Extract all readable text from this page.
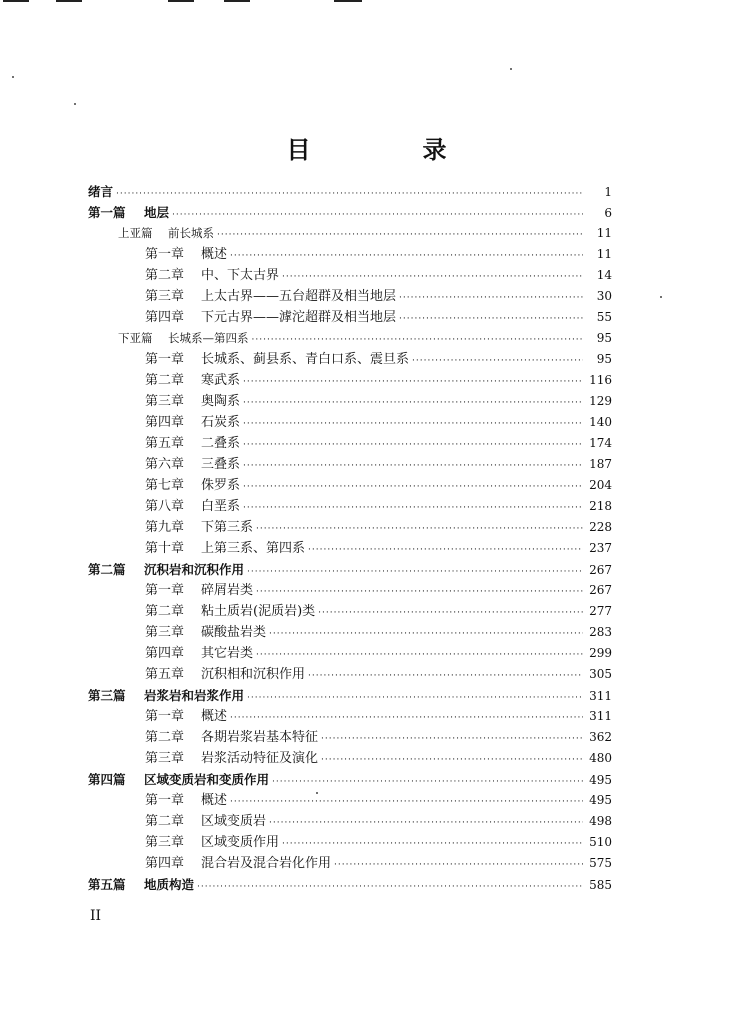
目　录
绪言 ·····	1
第一篇	地层 ·····	6
上亚篇	前长城系 ·····	11
第一章	概述 ·····	11
第二章	中、下太古界 ·····	14
第三章	上太古界——五台超群及相当地层 ·····	30
第四章	下元古界——滹沱超群及相当地层 ·····	55
下亚篇	长城系—第四系 ·····	95
第一章	长城系、蓟县系、青白口系、震旦系 ·····	95
第二章	寒武系 ·····	116
第三章	奥陶系 ·····	129
第四章	石炭系 ·····	140
第五章	二叠系 ·····	174
第六章	三叠系 ·····	187
第七章	侏罗系 ·····	204
第八章	白垩系 ·····	218
第九章	下第三系 ·····	228
第十章	上第三系、第四系 ·····	237
第二篇	沉积岩和沉积作用 ·····	267
第一章	碎屑岩类 ·····	267
第二章	粘土质岩(泥质岩)类 ·····	277
第三章	碳酸盐岩类 ·····	283
第四章	其它岩类 ·····	299
第五章	沉积相和沉积作用 ·····	305
第三篇	岩浆岩和岩浆作用 ·····	311
第一章	概述 ·····	311
第二章	各期岩浆岩基本特征 ·····	362
第三章	岩浆活动特征及演化 ·····	480
第四篇	区域变质岩和变质作用 ·····	495
第一章	概述 ·····	495
第二章	区域变质岩 ·····	498
第三章	区域变质作用 ·····	510
第四章	混合岩及混合岩化作用 ·····	575
第五篇	地质构造 ·····	585
II
